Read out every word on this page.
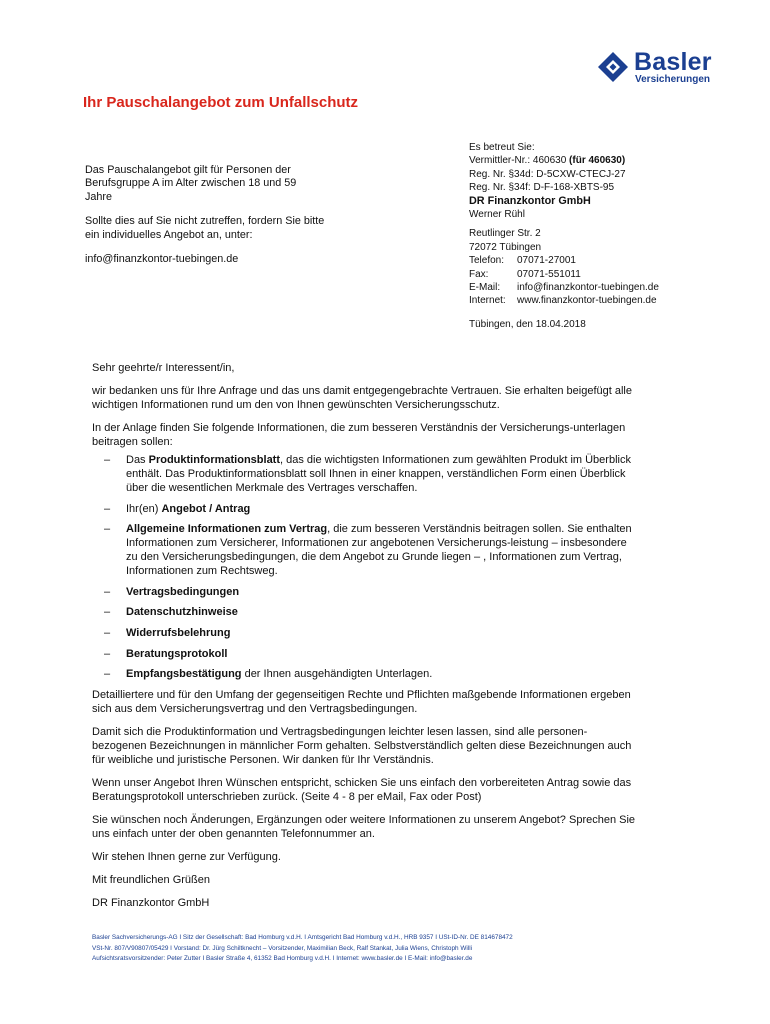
Basler
Versicherungen
Ihr Pauschalangebot zum Unfallschutz

Das Pauschalangebot gilt für Personen der Berufsgruppe A im Alter zwischen 18 und 59 Jahre

Sollte dies auf Sie nicht zutreffen, fordern Sie bitte ein individuelles Angebot an, unter:

info@finanzkontor-tuebingen.de

Es betreut Sie:
Vermittler-Nr.: 460630 (für 460630)
Reg. Nr. §34d: D-5CXW-CTECJ-27
Reg. Nr. §34f: D-F-168-XBTS-95
DR Finanzkontor GmbH
Werner Rühl
Reutlinger Str. 2
72072 Tübingen
Telefon:	07071-27001
Fax:	07071-551011
E-Mail:	info@finanzkontor-tuebingen.de
Internet:	www.finanzkontor-tuebingen.de
Tübingen, den 18.04.2018

Sehr geehrte/r Interessent/in,

wir bedanken uns für Ihre Anfrage und das uns damit entgegengebrachte Vertrauen. Sie erhalten beigefügt alle wichtigen Informationen rund um den von Ihnen gewünschten Versicherungsschutz.

In der Anlage finden Sie folgende Informationen, die zum besseren Verständnis der Versicherungs-unterlagen beitragen sollen:

– Das Produktinformationsblatt, das die wichtigsten Informationen zum gewählten Produkt im Überblick enthält. Das Produktinformationsblatt soll Ihnen in einer knappen, verständlichen Form einen Überblick über die wesentlichen Merkmale des Vertrages verschaffen.
– Ihr(en) Angebot / Antrag
– Allgemeine Informationen zum Vertrag, die zum besseren Verständnis beitragen sollen. Sie enthalten Informationen zum Versicherer, Informationen zur angebotenen Versicherungs-leistung – insbesondere zu den Versicherungsbedingungen, die dem Angebot zu Grunde liegen – , Informationen zum Vertrag, Informationen zum Rechtsweg.
– Vertragsbedingungen
– Datenschutzhinweise
– Widerrufsbelehrung
– Beratungsprotokoll
– Empfangsbestätigung der Ihnen ausgehändigten Unterlagen.

Detailliertere und für den Umfang der gegenseitigen Rechte und Pflichten maßgebende Informationen ergeben sich aus dem Versicherungsvertrag und den Vertragsbedingungen.

Damit sich die Produktinformation und Vertragsbedingungen leichter lesen lassen, sind alle personen-bezogenen Bezeichnungen in männlicher Form gehalten. Selbstverständlich gelten diese Bezeichnungen auch für weibliche und juristische Personen. Wir danken für Ihr Verständnis.

Wenn unser Angebot Ihren Wünschen entspricht, schicken Sie uns einfach den vorbereiteten Antrag sowie das Beratungsprotokoll unterschrieben zurück. (Seite 4 - 8 per eMail, Fax oder Post)

Sie wünschen noch Änderungen, Ergänzungen oder weitere Informationen zu unserem Angebot? Sprechen Sie uns einfach unter der oben genannten Telefonnummer an.

Wir stehen Ihnen gerne zur Verfügung.

Mit freundlichen Grüßen

DR Finanzkontor GmbH

Basler Sachversicherungs-AG I Sitz der Gesellschaft: Bad Homburg v.d.H. I Amtsgericht Bad Homburg v.d.H., HRB 9357 I USt-ID-Nr. DE 814678472
VSt-Nr. 807/V90807/05429 I Vorstand: Dr. Jürg Schiltknecht – Vorsitzender, Maximilian Beck, Ralf Stankat, Julia Wiens, Christoph Willi
Aufsichtsratsvorsitzender: Peter Zutter I Basler Straße 4, 61352 Bad Homburg v.d.H. I Internet: www.basler.de I E-Mail: info@basler.de
